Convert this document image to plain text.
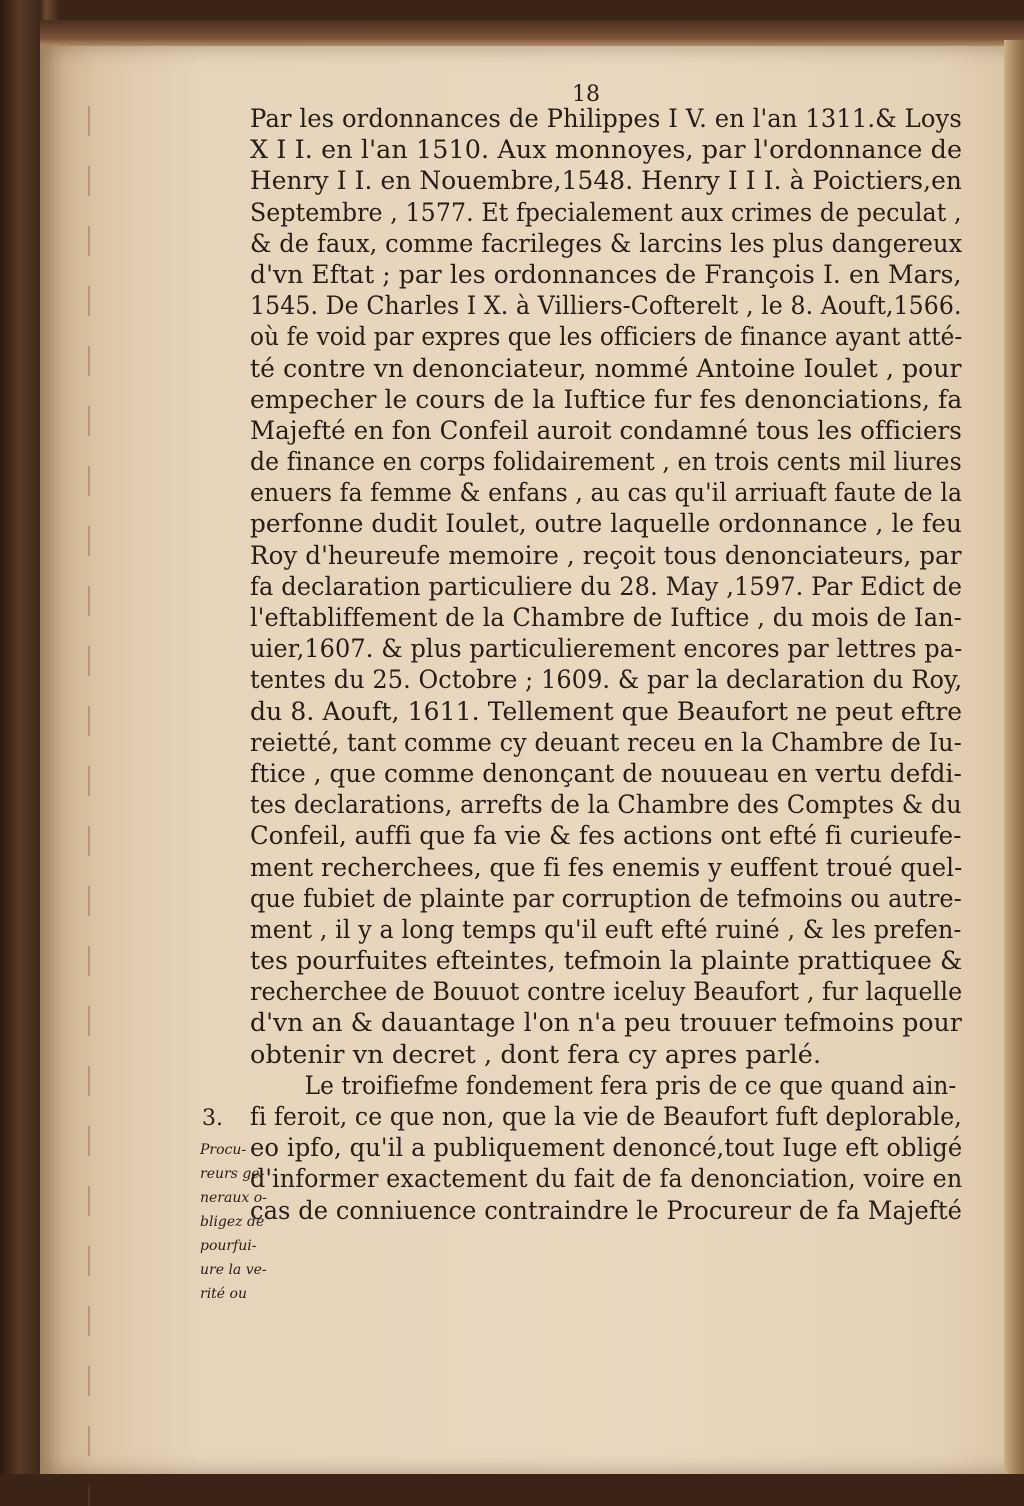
18
Par les ordonnances de Philippes I V. en l'an 1311.& Loys
X I I. en l'an 1510. Aux monnoyes, par l'ordonnance de
Henry I I. en Nouembre,1548. Henry I I I. à Poictiers,en
Septembre , 1577. Et fpecialement aux crimes de peculat ,
& de faux, comme facrileges & larcins les plus dangereux
d'vn Eftat ; par les ordonnances de François I. en Mars,
1545. De Charles I X. à Villiers-Cofterelt , le 8. Aouft,1566.
où fe void par expres que les officiers de finance ayant atté-
té contre vn denonciateur, nommé Antoine Ioulet , pour
empecher le cours de la Iuftice fur fes denonciations, fa
Majefté en fon Confeil auroit condamné tous les officiers
de finance en corps folidairement , en trois cents mil liures
enuers fa femme & enfans , au cas qu'il arriuaft faute de la
perfonne dudit Ioulet, outre laquelle ordonnance , le feu
Roy d'heureufe memoire , reçoit tous denonciateurs, par
fa declaration particuliere du 28. May ,1597. Par Edict de
l'eftabliffement de la Chambre de Iuftice , du mois de Ian-
uier,1607. & plus particulierement encores par lettres pa-
tentes du 25. Octobre ; 1609. & par la declaration du Roy,
du 8. Aouft, 1611. Tellement que Beaufort ne peut eftre
reietté, tant comme cy deuant receu en la Chambre de Iu-
ftice , que comme denonçant de nouueau en vertu defdi-
tes declarations, arrefts de la Chambre des Comptes & du
Confeil, auffi que fa vie & fes actions ont efté fi curieufe-
ment recherchees, que fi fes enemis y euffent troué quel-
que fubiet de plainte par corruption de tefmoins ou autre-
ment , il y a long temps qu'il euft efté ruiné , & les prefen-
tes pourfuites efteintes, tefmoin la plainte prattiquee &
recherchee de Bouuot contre iceluy Beaufort , fur laquelle
d'vn an & dauantage l'on n'a peu trouuer tefmoins pour
obtenir vn decret , dont fera cy apres parlé.
Le troifiefme fondement fera pris de ce que quand ain-
fi feroit, ce que non, que la vie de Beaufort fuft deplorable,
eo ipfo, qu'il a publiquement denoncé,tout Iuge eft obligé
d'informer exactement du fait de fa denonciation, voire en
cas de conniuence contraindre le Procureur de fa Majefté
3.
Procu-
reurs ge-
neraux o-
bligez de
pourfui-
ure la ve-
rité ou
